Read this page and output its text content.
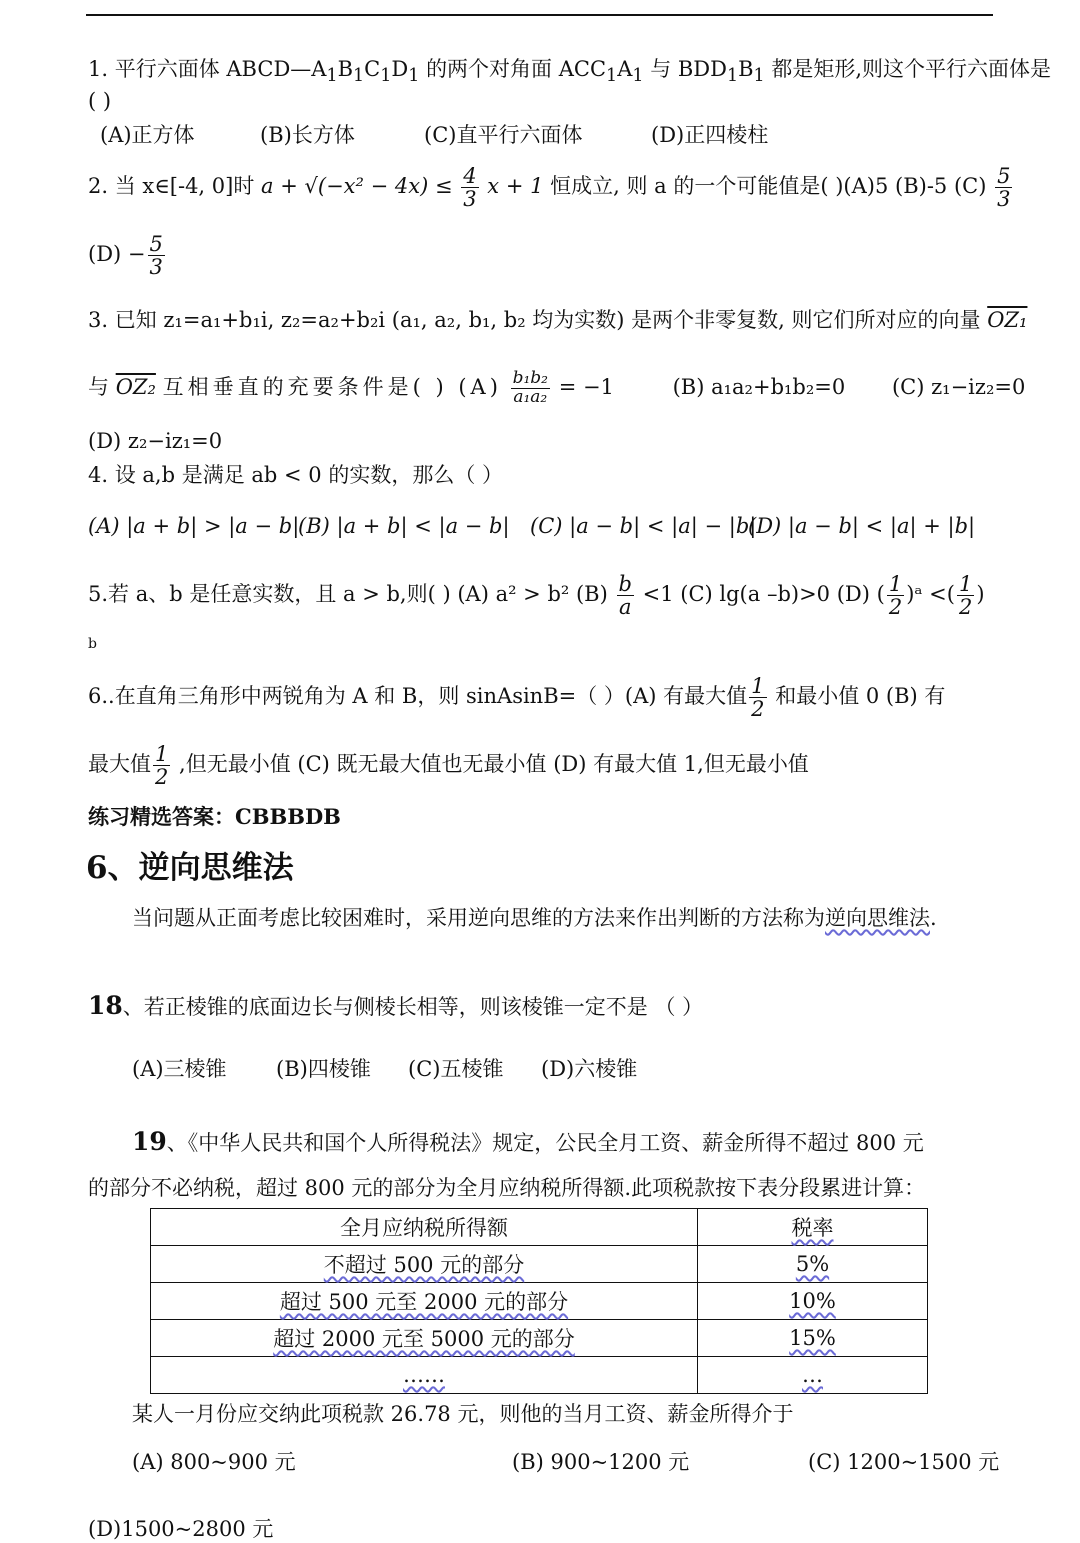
1. 平行六面体 $ABCD—A_1B_1C_1D_1$ 的两个对角面 $ACC_1A_1$ 与 $BDD_1B_1$ 都是矩形,则这个平行六面体是
( )
(A)正方体	(B)长方体	(C)直平行六面体	(D)正四棱柱
2. 当 x∈[-4, 0]时 $a + √(-x^2 - 4x) \le \frac{4}{3}$ x + 1 恒成立, 则 a 的一个可能值是( )(A)5 (B)-5 $(C) \frac{5}{3}$
$(D) - \frac{5}{3}$
3. 已知 z₁=a₁+b₁i, z₂=a₂+b₂i (a₁, a₂, b₁, b₂ 均为实数) 是两个非零复数, 则它们所对应的向量 OZ₁
与 OZ₂ 互相垂直的充要条件是( ) $(A) \frac{\text{b₁b₂}}{\text{a₁a₂}} = -1$	(B) a₁a₂+b₁b₂=0 (C) z₁−iz₂=0
(D) z₂−iz₁=0
4. 设 a,b 是满足 ab < 0 的实数，那么（ ）
(A) |a + b| > |a − b|
(B) |a + b| < |a − b| (C) |a − b| < |a| − |b|
(D) |a − b| < |a| + |b|
5.若 a、b 是任意实数，且 a > b,则( ) (A) a² > b² $(B) \frac{b}{a} <1$ (C) lg(a –b)>0 (D) ( $\frac{1}{2}$ )ᵃ <( $\frac{1}{2}$ )
b
6..在直角三角形中两锐角为 A 和 B，则 sinAsinB=（ ）(A) 有最大值 $\frac{1}{2}$ 和最小值 0 (B) 有
最大值 $\frac{1}{2}$ ,但无最小值 (C) 既无最大值也无最小值 (D) 有最大值 1,但无最小值
练习精选答案：CBBBDB
6、逆向思维法
当问题从正面考虑比较困难时，采用逆向思维的方法来作出判断的方法称为逆向思维法.
18、若正棱锥的底面边长与侧棱长相等，则该棱锥一定不是 （ ）
(A)三棱锥 (B)四棱锥 (C)五棱锥 (D)六棱锥
19、《中华人民共和国个人所得税法》规定，公民全月工资、薪金所得不超过 800 元
的部分不必纳税，超过 800 元的部分为全月应纳税所得额.此项税款按下表分段累进计算：
全月应纳税所得额	税率
不超过 500 元的部分	5%
超过 500 元至 2000 元的部分	10%
超过 2000 元至 5000 元的部分	15%
……	…
某人一月份应交纳此项税款 26.78 元，则他的当月工资、薪金所得介于
(A) 800~900 元	(B) 900~1200 元	(C) 1200~1500 元
(D)1500~2800 元
